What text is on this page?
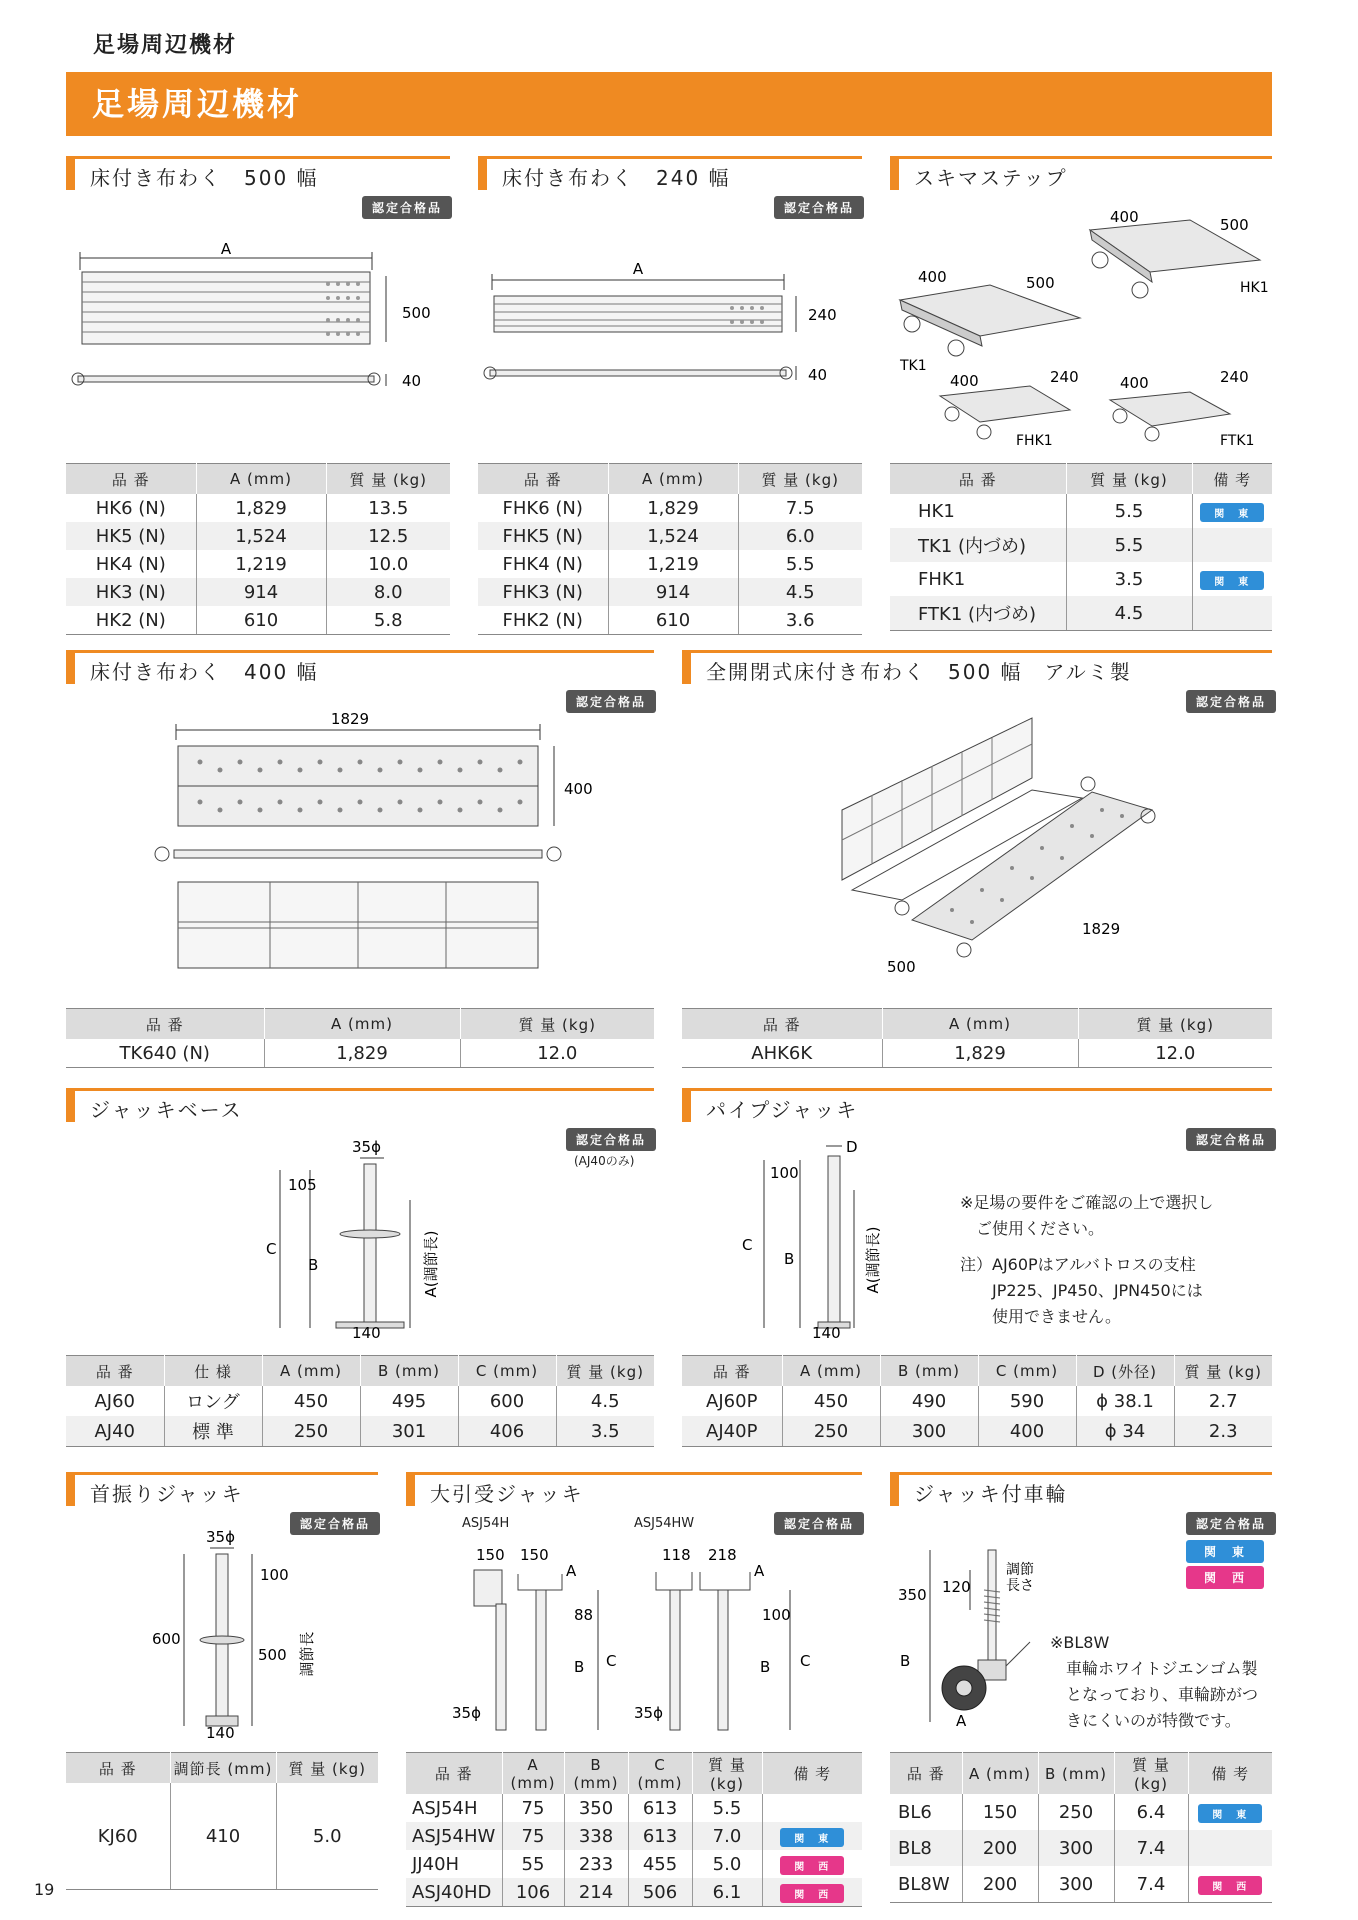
足場周辺機材
足場周辺機材
床付き布わく　500 幅
認定合格品
A
500
40
品 番	A (mm)	質 量 (kg)
HK6 (N)	1,829	13.5
HK5 (N)	1,524	12.5
HK4 (N)	1,219	10.0
HK3 (N)	914	8.0
HK2 (N)	610	5.8
床付き布わく　240 幅
認定合格品
A
240
40
品 番	A (mm)	質 量 (kg)
FHK6 (N)	1,829	7.5
FHK5 (N)	1,524	6.0
FHK4 (N)	1,219	5.5
FHK3 (N)	914	4.5
FHK2 (N)	610	3.6
スキマステップ
400	500
HK1
400	500
TK1
400	240
FHK1
400	240
FTK1
品 番	質 量 (kg)	備 考
HK1	5.5	関　東
TK1 (内づめ)	5.5	
FHK1	3.5	関　東
FTK1 (内づめ)	4.5	
床付き布わく　400 幅
認定合格品
1829
400
品 番	A (mm)	質 量 (kg)
TK640 (N)	1,829	12.0
全開閉式床付き布わく　500 幅　アルミ製
認定合格品
1829
500
品 番	A (mm)	質 量 (kg)
AHK6K	1,829	12.0
ジャッキベース
認定合格品
(AJ40のみ)
35ϕ
C
105
B	A(調節長)
140
品 番	仕 様	A (mm)	B (mm)	C (mm)	質 量 (kg)
AJ60	ロング	450	495	600	4.5
AJ40	標 準	250	301	406	3.5
パイプジャッキ
認定合格品
D
C
100
B	A(調節長)
140
※足場の要件をご確認の上で選択し
　ご使用ください。
注）AJ60Pはアルバトロスの支柱
　　JP225、JP450、JPN450には
　　使用できません。
品 番	A (mm)	B (mm)	C (mm)	D (外径)	質 量 (kg)
AJ60P	450	490	590	ϕ 38.1	2.7
AJ40P	250	300	400	ϕ 34	2.3
首振りジャッキ
認定合格品
35ϕ
600
100
500 調節長
140
品 番	調節長 (mm)	質 量 (kg)
KJ60	410	5.0
大引受ジャッキ
認定合格品
ASJ54H	ASJ54HW
150 150
A
88
B C
35ϕ
118 218
A
100
B C
35ϕ
品 番	A (mm)	B (mm)	C (mm)	質 量 (kg)	備 考
ASJ54H	75	350	613	5.5	
ASJ54HW	75	338	613	7.0	関　東
JJ40H	55	233	455	5.0	関　西
ASJ40HD	106	214	506	6.1	関　西
ジャッキ付車輪
認定合格品
関　東
関　西
350 120
調節
長さ
B
A
※BL8W
　車輪ホワイトジエンゴム製
　となっており、車輪跡がつ
　きにくいのが特徴です。
品 番	A (mm)	B (mm)	質 量 (kg)	備 考
BL6	150	250	6.4	関　東
BL8	200	300	7.4	
BL8W	200	300	7.4	関　西
19
